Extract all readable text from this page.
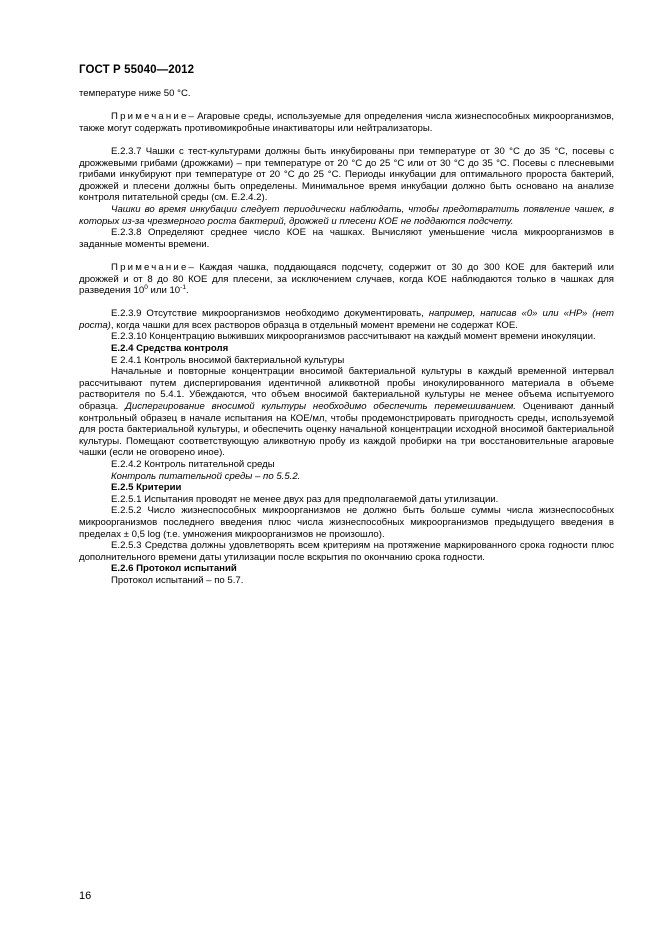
ГОСТ Р 55040—2012

температуре ниже 50 °С.

Примечание– Агаровые среды, используемые для определения числа жизнеспособных микроорганизмов, также могут содержать противомикробные инактиваторы или нейтрализаторы.

Е.2.3.7 Чашки с тест-культурами должны быть инкубированы при температуре от 30 °С до 35 °С, посевы с дрожжевыми грибами (дрожжами) – при температуре от 20 °С до 25 °С или от 30 °С до 35 °С. Посевы с плесневыми грибами инкубируют при температуре от 20 °С до 25 °С. Периоды инкубации для оптимального пророста бактерий, дрожжей и плесени должны быть определены. Минимальное время инкубации должно быть основано на анализе контроля питательной среды (см. Е.2.4.2).

Чашки во время инкубации следует периодически наблюдать, чтобы предотвратить появление чашек, в которых из-за чрезмерного роста бактерий, дрожжей и плесени КОЕ не поддаются подсчету.

Е.2.3.8 Определяют среднее число КОЕ на чашках. Вычисляют уменьшение числа микроорганизмов в заданные моменты времени.

Примечание– Каждая чашка, поддающаяся подсчету, содержит от 30 до 300 КОЕ для бактерий или дрожжей и от 8 до 80 КОЕ для плесени, за исключением случаев, когда КОЕ наблюдаются только в чашках для разведения $10^0$ или $10^{-1}$.

Е.2.3.9 Отсутствие микроорганизмов необходимо документировать, например, написав «0» или «НР» (нет роста), когда чашки для всех растворов образца в отдельный момент времени не содержат КОЕ.

Е.2.3.10 Концентрацию выживших микроорганизмов рассчитывают на каждый момент времени инокуляции.

Е.2.4 Средства контроля

Е 2.4.1 Контроль вносимой бактериальной культуры

Начальные и повторные концентрации вносимой бактериальной культуры в каждый временной интервал рассчитывают путем диспергирования идентичной аликвотной пробы инокулированного материала в объеме растворителя по 5.4.1. Убеждаются, что объем вносимой бактериальной культуры не менее объема испытуемого образца. Диспергирование вносимой культуры необходимо обеспечить перемешиванием. Оценивают данный контрольный образец в начале испытания на КОЕ/мл, чтобы продемонстрировать пригодность среды, используемой для роста бактериальной культуры, и обеспечить оценку начальной концентрации исходной вносимой бактериальной культуры. Помещают соответствующую аликвотную пробу из каждой пробирки на три восстановительные агаровые чашки (если не оговорено иное).

Е.2.4.2 Контроль питательной среды

Контроль питательной среды – по 5.5.2.

Е.2.5 Критерии

Е.2.5.1 Испытания проводят не менее двух раз для предполагаемой даты утилизации.

Е.2.5.2 Число жизнеспособных микроорганизмов не должно быть больше суммы числа жизнеспособных микроорганизмов последнего введения плюс числа жизнеспособных микроорганизмов предыдущего введения в пределах ± 0,5 log (т.е. умножения микроорганизмов не произошло).

Е.2.5.3 Средства должны удовлетворять всем критериям на протяжение маркированного срока годности плюс дополнительного времени даты утилизации после вскрытия по окончанию срока годности.

Е.2.6 Протокол испытаний

Протокол испытаний – по 5.7.

16
